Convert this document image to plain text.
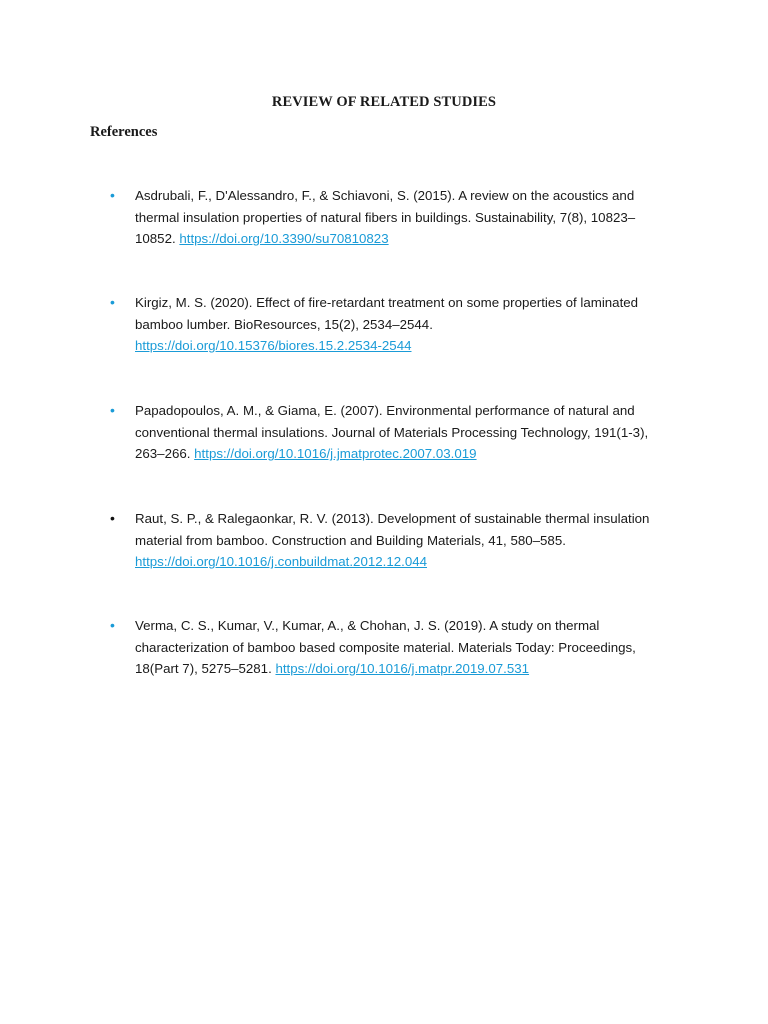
REVIEW OF RELATED STUDIES
References
• Asdrubali, F., D'Alessandro, F., & Schiavoni, S. (2015). A review on the acoustics and thermal insulation properties of natural fibers in buildings. Sustainability, 7(8), 10823–10852. https://doi.org/10.3390/su70810823
• Kirgiz, M. S. (2020). Effect of fire-retardant treatment on some properties of laminated bamboo lumber. BioResources, 15(2), 2534–2544. https://doi.org/10.15376/biores.15.2.2534-2544
• Papadopoulos, A. M., & Giama, E. (2007). Environmental performance of natural and conventional thermal insulations. Journal of Materials Processing Technology, 191(1-3), 263–266. https://doi.org/10.1016/j.jmatprotec.2007.03.019
• Raut, S. P., & Ralegaonkar, R. V. (2013). Development of sustainable thermal insulation material from bamboo. Construction and Building Materials, 41, 580–585. https://doi.org/10.1016/j.conbuildmat.2012.12.044
• Verma, C. S., Kumar, V., Kumar, A., & Chohan, J. S. (2019). A study on thermal characterization of bamboo based composite material. Materials Today: Proceedings, 18(Part 7), 5275–5281. https://doi.org/10.1016/j.matpr.2019.07.531
